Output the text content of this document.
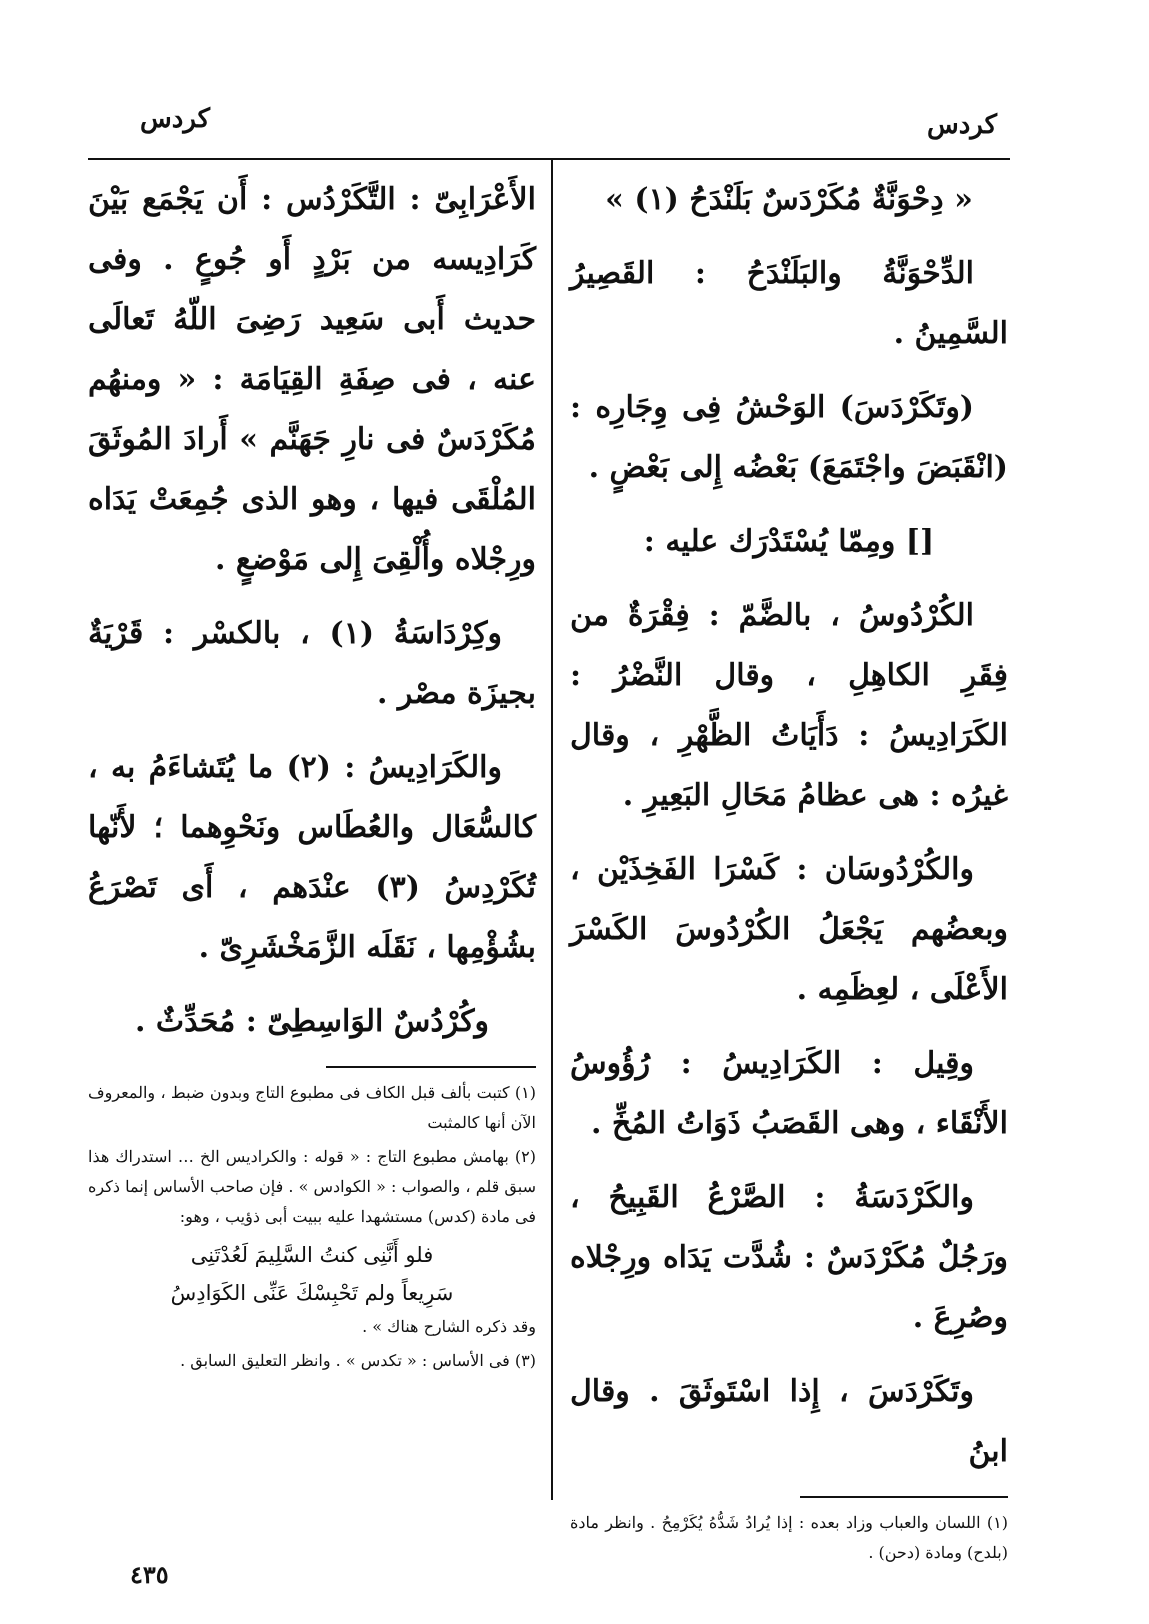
كردس
كردس

« دِحْوَنَّةٌ مُكَرْدَسٌ بَلَنْدَحُ (١) »

الدِّحْوَنَّةُ والبَلَنْدَحُ : القَصِيرُ السَّمِينُ .

(وتَكَرْدَسَ) الوَحْشُ فِى وِجَارِه : (انْقَبَضَ واجْتَمَعَ) بَعْضُه إِلى بَعْضٍ .

[] ومِمّا يُسْتَدْرَك عليه :

الكُرْدُوسُ ، بالضَّمّ : فِقْرَةٌ من فِقَرِ الكاهِلِ ، وقال النَّضْرُ : الكَرَادِيسُ : دَأَيَاتُ الظَّهْرِ ، وقال غيرُه : هى عظامُ مَحَالِ البَعِيرِ .

والكُرْدُوسَان : كَسْرَا الفَخِذَيْن ، وبعضُهم يَجْعَلُ الكُرْدُوسَ الكَسْرَ الأَعْلَى ، لعِظَمِه .

وقِيل : الكَرَادِيسُ : رُؤُوسُ الأَنْقَاء ، وهى القَصَبُ ذَوَاتُ المُخِّ .

والكَرْدَسَةُ : الصَّرْعُ القَبِيحُ ، ورَجُلٌ مُكَرْدَسٌ : شُدَّت يَدَاه ورِجْلاه وصُرِعَ .

وتَكَرْدَسَ ، إِذا اسْتَوثَقَ . وقال ابنُ

(١) اللسان والعباب وزاد بعده : إذا يُرادُ شَدُّهُ يُكَرْمِحُ . وانظر مادة (بلدح) ومادة (دحن) .

الأَعْرَابِىّ : التَّكَرْدُس : أَن يَجْمَع بَيْنَ كَرَادِيسه من بَرْدٍ أَو جُوعٍ . وفى حديث أَبى سَعِيد رَضِىَ اللّهُ تَعالَى عنه ، فى صِفَةِ القِيَامَة : « ومنهُم مُكَرْدَسٌ فى نارِ جَهَنَّم » أَرادَ المُوثَقَ المُلْقَى فيها ، وهو الذى جُمِعَتْ يَدَاه ورِجْلاه وأُلْقِىَ إِلى مَوْضعٍ .

وكِرْدَاسَةُ (١) ، بالكسْر : قَرْيَةٌ بجيزَة مصْر .

والكَرَادِيسُ : (٢) ما يُتَشاءَمُ به ، كالسُّعَال والعُطَاس ونَحْوِهما ؛ لأَنّها تُكَرْدِسُ (٣) عنْدَهم ، أَى تَصْرَعُ بشُؤْمِها ، نَقَلَه الزَّمَخْشَرِىّ .

وكُرْدُسٌ الوَاسِطِىّ : مُحَدِّثٌ .

(١) كتبت بألف قبل الكاف فى مطبوع التاج وبدون ضبط ، والمعروف الآن أنها كالمثبت

(٢) بهامش مطبوع التاج : « قوله : والكراديس الخ … استدراك هذا سبق قلم ، والصواب : « الكوادس » . فإن صاحب الأساس إنما ذكره فى مادة (كدس) مستشهدا عليه ببيت أبى ذؤيب ، وهو:

فلو أَنَّنِى كنتُ السَّلِيمَ لَعُدْتَنِى

سَرِيعاً ولم تَحْبِسْكَ عَنِّى الكَوَادِسُ

وقد ذكره الشارح هناك » .

(٣) فى الأساس : « تكدس » . وانظر التعليق السابق .

٤٣٥
